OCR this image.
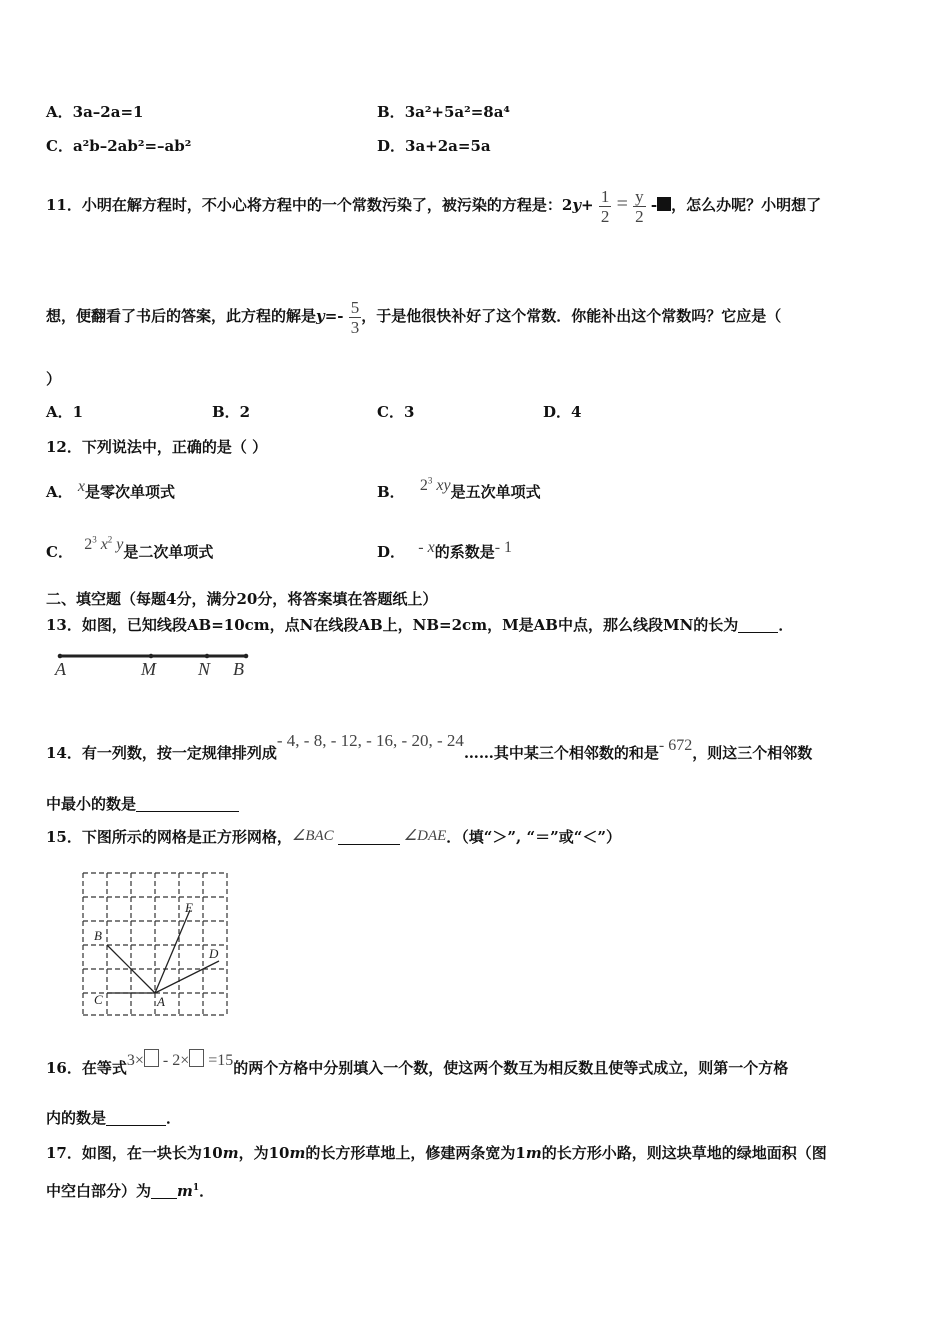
A．3a–2a=1	B．3a²+5a²=8a⁴
C．a²b–2ab²=–ab²	D．3a+2a=5a
11．小明在解方程时，不小心将方程中的一个常数污染了，被污染的方程是：$2y+ \frac{1}{2} = \frac{y}{2}$ - ，怎么办呢？小明想了
想，便翻看了书后的答案，此方程的解是$y=- \frac{5}{3}$ ，于是他很快补好了这个常数．你能补出这个常数吗？它应是（
）
A．1	B．2	C．3	D．4
12．下列说法中，正确的是（ ）
A． x是零次单项式	B． $2^3$ xy是五次单项式
C． $2^3$ $x^2$ y是二次单项式	D． - x的系数是- 1
二、填空题（每题4分，满分20分，将答案填在答题纸上）
13．如图，已知线段AB=10cm，点N在线段AB上，NB=2cm，M是AB中点，那么线段MN的长为	．
A	M N B
14．有一列数，按一定规律排列成- 4, - 8, - 12, - 16, - 20, - 24……其中某三个相邻数的和是- 672，则这三个相邻数
中最小的数是
15．下图所示的网格是正方形网格，∠BAC	∠DAE．（填“＞”, “＝”或“＜”）
B
E
D
C	A
16．在等式3× - 2× =15的两个方格中分别填入一个数，使这两个数互为相反数且使等式成立，则第一个方格
内的数是	．
17．如图，在一块长为10m，为10m的长方形草地上，修建两条宽为1m的长方形小路，则这块草地的绿地面积（图
中空白部分）为 $m^1$．
